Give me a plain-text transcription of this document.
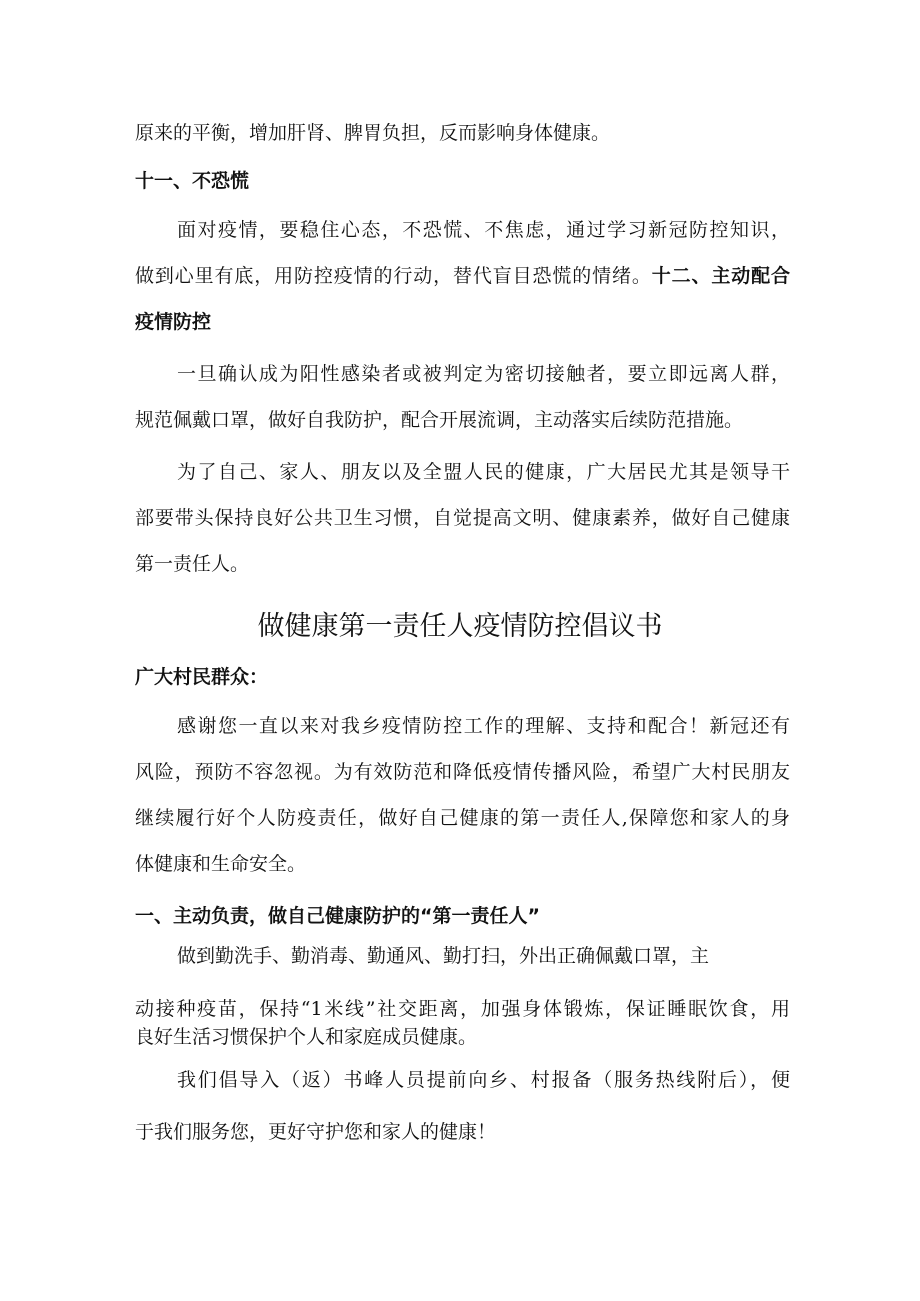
原来的平衡，增加肝肾、脾胃负担，反而影响身体健康。

十一、不恐慌

面对疫情，要稳住心态，不恐慌、不焦虑，通过学习新冠防控知识，
做到心里有底，用防控疫情的行动，替代盲目恐慌的情绪。十二、主动配合
疫情防控

一旦确认成为阳性感染者或被判定为密切接触者，要立即远离人群，
规范佩戴口罩，做好自我防护，配合开展流调，主动落实后续防范措施。

为了自己、家人、朋友以及全盟人民的健康，广大居民尤其是领导干
部要带头保持良好公共卫生习惯，自觉提高文明、健康素养，做好自己健康
第一责任人。

做健康第一责任人疫情防控倡议书

广大村民群众：

感谢您一直以来对我乡疫情防控工作的理解、支持和配合！新冠还有
风险，预防不容忽视。为有效防范和降低疫情传播风险，希望广大村民朋友
继续履行好个人防疫责任，做好自己健康的第一责任人,保障您和家人的身
体健康和生命安全。

一、主动负责，做自己健康防护的“第一责任人”

做到勤洗手、勤消毒、勤通风、勤打扫，外出正确佩戴口罩，主

动接种疫苗，保持“1米线”社交距离，加强身体锻炼，保证睡眠饮食，用
良好生活习惯保护个人和家庭成员健康。

我们倡导入（返）书峰人员提前向乡、村报备（服务热线附后），便
于我们服务您，更好守护您和家人的健康！
